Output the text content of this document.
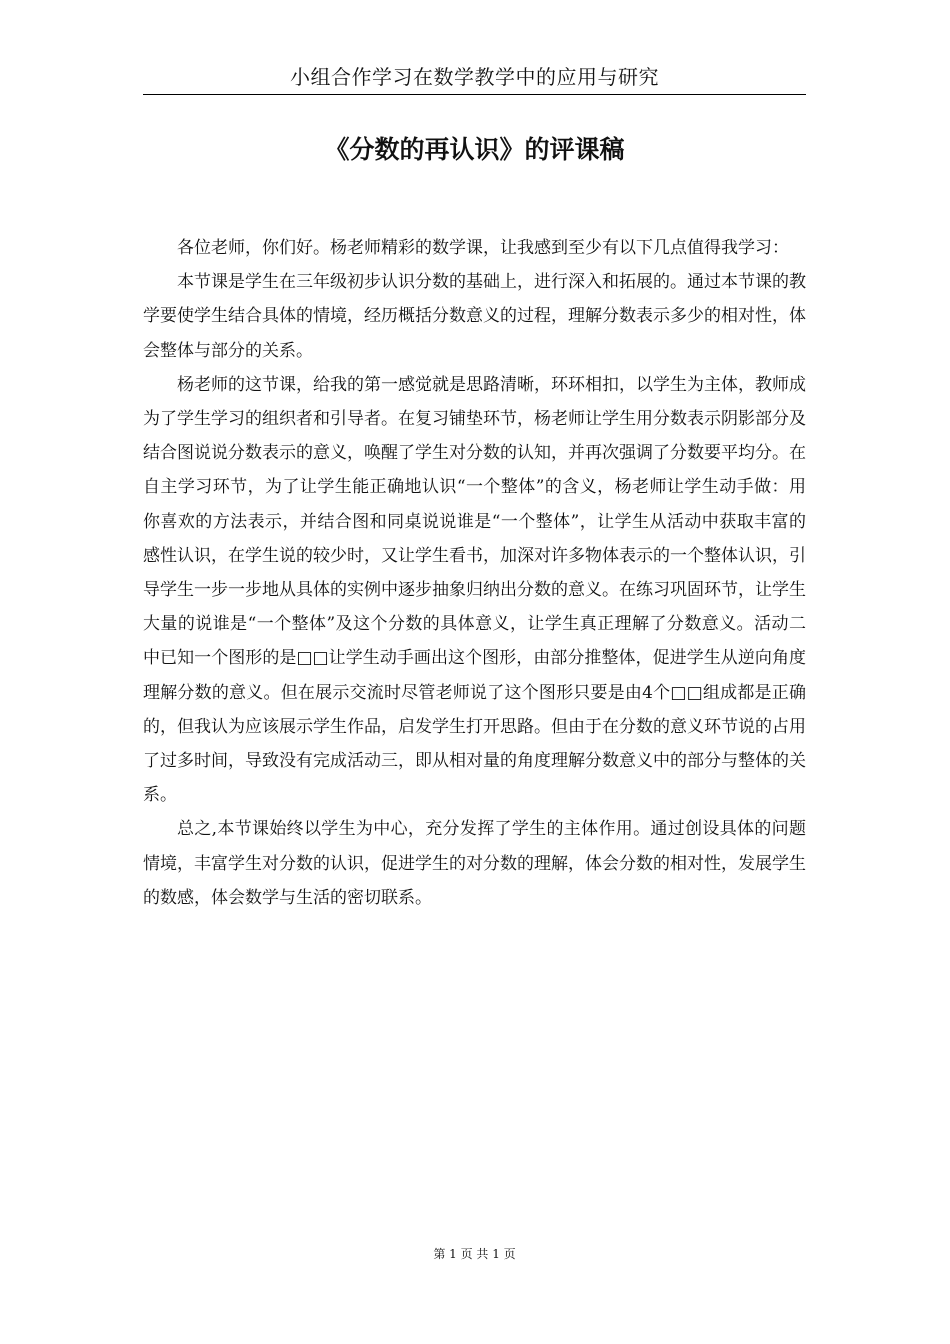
小组合作学习在数学教学中的应用与研究
《分数的再认识》的评课稿

各位老师，你们好。杨老师精彩的数学课，让我感到至少有以下几点值得我学习：

本节课是学生在三年级初步认识分数的基础上，进行深入和拓展的。通过本节课的教学要使学生结合具体的情境，经历概括分数意义的过程，理解分数表示多少的相对性，体会整体与部分的关系。

杨老师的这节课，给我的第一感觉就是思路清晰，环环相扣，以学生为主体，教师成为了学生学习的组织者和引导者。在复习铺垫环节，杨老师让学生用分数表示阴影部分及结合图说说分数表示的意义，唤醒了学生对分数的认知，并再次强调了分数要平均分。在自主学习环节，为了让学生能正确地认识“一个整体”的含义，杨老师让学生动手做：用你喜欢的方法表示，并结合图和同桌说说谁是“一个整体”，让学生从活动中获取丰富的感性认识，在学生说的较少时，又让学生看书，加深对许多物体表示的一个整体认识，引导学生一步一步地从具体的实例中逐步抽象归纳出分数的意义。在练习巩固环节，让学生大量的说谁是“一个整体”及这个分数的具体意义，让学生真正理解了分数意义。活动二中已知一个图形的是□□让学生动手画出这个图形，由部分推整体，促进学生从逆向角度理解分数的意义。但在展示交流时尽管老师说了这个图形只要是由4个□□组成都是正确的，但我认为应该展示学生作品，启发学生打开思路。但由于在分数的意义环节说的占用了过多时间，导致没有完成活动三，即从相对量的角度理解分数意义中的部分与整体的关系。

总之,本节课始终以学生为中心，充分发挥了学生的主体作用。通过创设具体的问题情境，丰富学生对分数的认识，促进学生的对分数的理解，体会分数的相对性，发展学生的数感，体会数学与生活的密切联系。

第 1 页 共 1 页
